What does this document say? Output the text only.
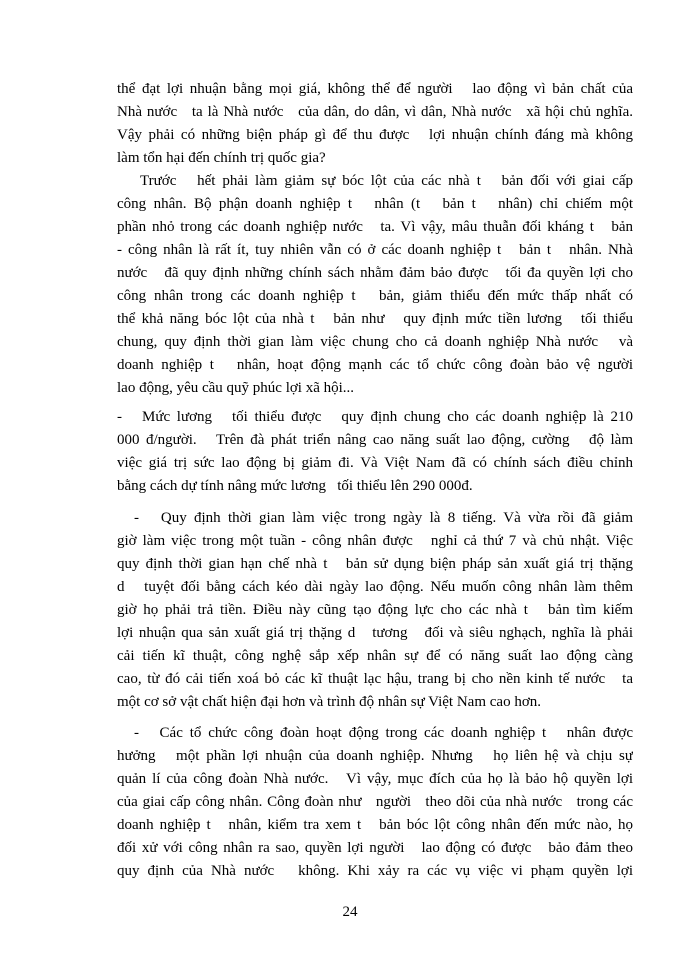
thể đạt lợi nhuận bằng mọi giá, không thể để người   lao động vì bản chất của
Nhà nước   ta là Nhà nước   của dân, do dân, vì dân, Nhà nước   xã hội chủ nghĩa.
Vậy phải có những biện pháp gì để thu được   lợi nhuận chính đáng mà không
làm tổn hại đến chính trị quốc gia?
Trước   hết phải làm giảm sự bóc lột của các nhà t   bản đối với giai cấp
công nhân. Bộ phận doanh nghiệp t   nhân (t   bản t   nhân) chỉ chiếm một
phần nhỏ trong các doanh nghiệp nước   ta. Vì vậy, mâu thuẫn đối kháng t   bản
- công nhân là rất ít, tuy nhiên vẫn có ở các doanh nghiệp t   bản t   nhân. Nhà
nước   đã quy định những chính sách nhằm đảm bảo được   tối đa quyền lợi cho
công nhân trong các doanh nghiệp t   bản, giảm thiểu đến mức thấp nhất có
thể khả năng bóc lột của nhà t   bản như   quy định mức tiền lương   tối thiểu
chung, quy định thời gian làm việc chung cho cả doanh nghiệp Nhà nước   và
doanh nghiệp t   nhân, hoạt động mạnh các tổ chức công đoàn bảo vệ người
lao động, yêu cầu quỹ phúc lợi xã hội...
-   Mức lương   tối thiểu được   quy định chung cho các doanh nghiệp là 210
000 đ/người.   Trên đà phát triển nâng cao năng suất lao động, cường   độ làm
việc giá trị sức lao động bị giảm đi. Và Việt Nam đã có chính sách điều chỉnh
bằng cách dự tính nâng mức lương   tối thiểu lên 290 000đ.
-   Quy định thời gian làm việc trong ngày là 8 tiếng. Và vừa rồi đã giảm
giờ làm việc trong một tuần - công nhân được   nghỉ cả thứ 7 và chủ nhật. Việc
quy định thời gian hạn chế nhà t   bản sử dụng biện pháp sản xuất giá trị thặng
d   tuyệt đối bằng cách kéo dài ngày lao động. Nếu muốn công nhân làm thêm
giờ họ phải trả tiền. Điều này cũng tạo động lực cho các nhà t   bản tìm kiếm
lợi nhuận qua sản xuất giá trị thặng d   tương   đối và siêu nghạch, nghĩa là phải
cải tiến kĩ thuật, công nghệ sắp xếp nhân sự để có năng suất lao động càng
cao, từ đó cải tiến xoá bỏ các kĩ thuật lạc hậu, trang bị cho nền kinh tế nước   ta
một cơ sở vật chất hiện đại hơn và trình độ nhân sự Việt Nam cao hơn.
-   Các tổ chức công đoàn hoạt động trong các doanh nghiệp t   nhân được
hưởng   một phần lợi nhuận của doanh nghiệp. Nhưng   họ liên hệ và chịu sự
quản lí của công đoàn Nhà nước.   Vì vậy, mục đích của họ là bảo hộ quyền lợi
của giai cấp công nhân. Công đoàn như   người   theo dõi của nhà nước   trong các
doanh nghiệp t   nhân, kiểm tra xem t   bản bóc lột công nhân đến mức nào, họ
đối xử với công nhân ra sao, quyền lợi người   lao động có được   bảo đảm theo
quy định của Nhà nước   không. Khi xảy ra các vụ việc vi phạm quyền lợi
24
